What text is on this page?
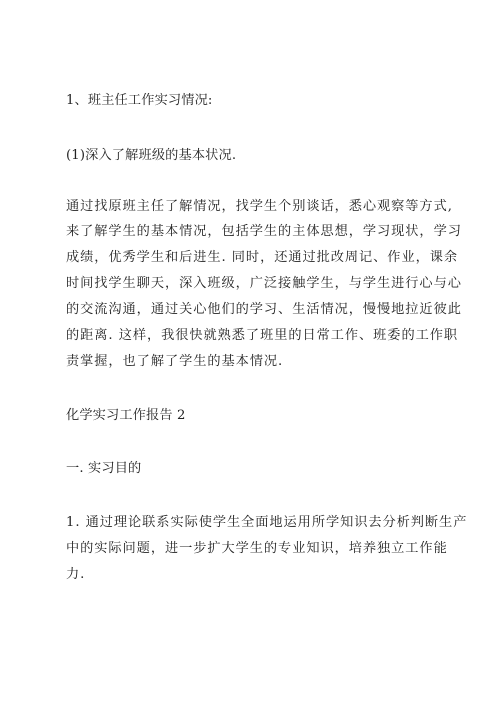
1、班主任工作实习情况:
(1)深入了解班级的基本状况.
通过找原班主任了解情况，找学生个别谈话，悉心观察等方式,
来了解学生的基本情况，包括学生的主体思想，学习现状，学习
成绩，优秀学生和后进生. 同时，还通过批改周记、作业，课余
时间找学生聊天，深入班级，广泛接触学生，与学生进行心与心
的交流沟通，通过关心他们的学习、生活情况，慢慢地拉近彼此
的距离. 这样，我很快就熟悉了班里的日常工作、班委的工作职
责掌握，也了解了学生的基本情况.
化学实习工作报告 2
一. 实习目的
1. 通过理论联系实际使学生全面地运用所学知识去分析判断生产
中的实际问题，进一步扩大学生的专业知识，培养独立工作能
力.
